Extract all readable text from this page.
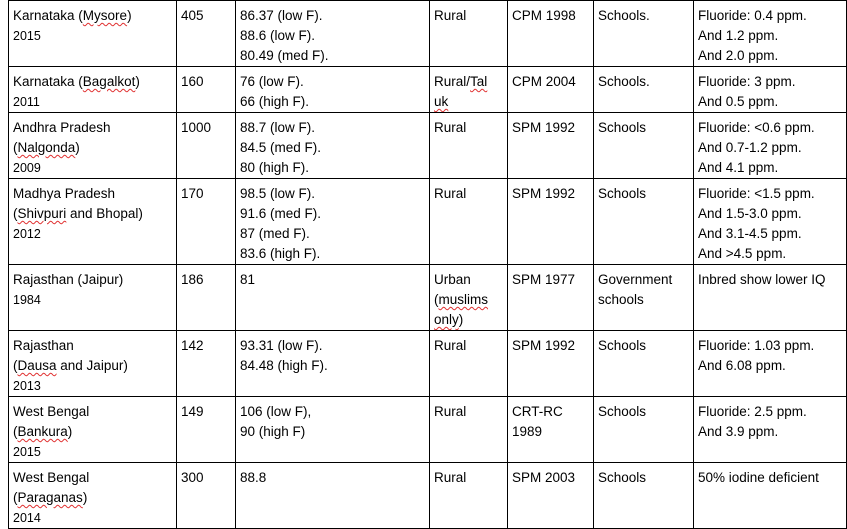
Karnataka (Mysore)
2015	405	86.37 (low F).
88.6 (low F).
80.49 (med F).	Rural	CPM 1998	Schools.	Fluoride: 0.4 ppm.
And 1.2 ppm.
And 2.0 ppm.

Karnataka (Bagalkot)
2011	160	76 (low F).
66 (high F).	Rural/Tal
uk	CPM 2004	Schools.	Fluoride: 3 ppm.
And 0.5 ppm.

Andhra Pradesh
(Nalgonda)
2009	1000	88.7 (low F).
84.5 (med F).
80 (high F).	Rural	SPM 1992	Schools	Fluoride: <0.6 ppm.
And 0.7-1.2 ppm.
And 4.1 ppm.

Madhya Pradesh
(Shivpuri and Bhopal)
2012	170	98.5 (low F).
91.6 (med F).
87 (med F).
83.6 (high F).	Rural	SPM 1992	Schools	Fluoride: <1.5 ppm.
And 1.5-3.0 ppm.
And 3.1-4.5 ppm.
And >4.5 ppm.

Rajasthan (Jaipur)
1984	186	81	Urban
(muslims
only)	SPM 1977	Government
schools	Inbred show lower IQ

Rajasthan
(Dausa and Jaipur)
2013	142	93.31 (low F).
84.48 (high F).	Rural	SPM 1992	Schools	Fluoride: 1.03 ppm.
And 6.08 ppm.

West Bengal
(Bankura)
2015	149	106 (low F),
90 (high F)	Rural	CRT-RC
1989	Schools	Fluoride: 2.5 ppm.
And 3.9 ppm.

West Bengal
(Paraganas)
2014	300	88.8	Rural	SPM 2003	Schools	50% iodine deficient
